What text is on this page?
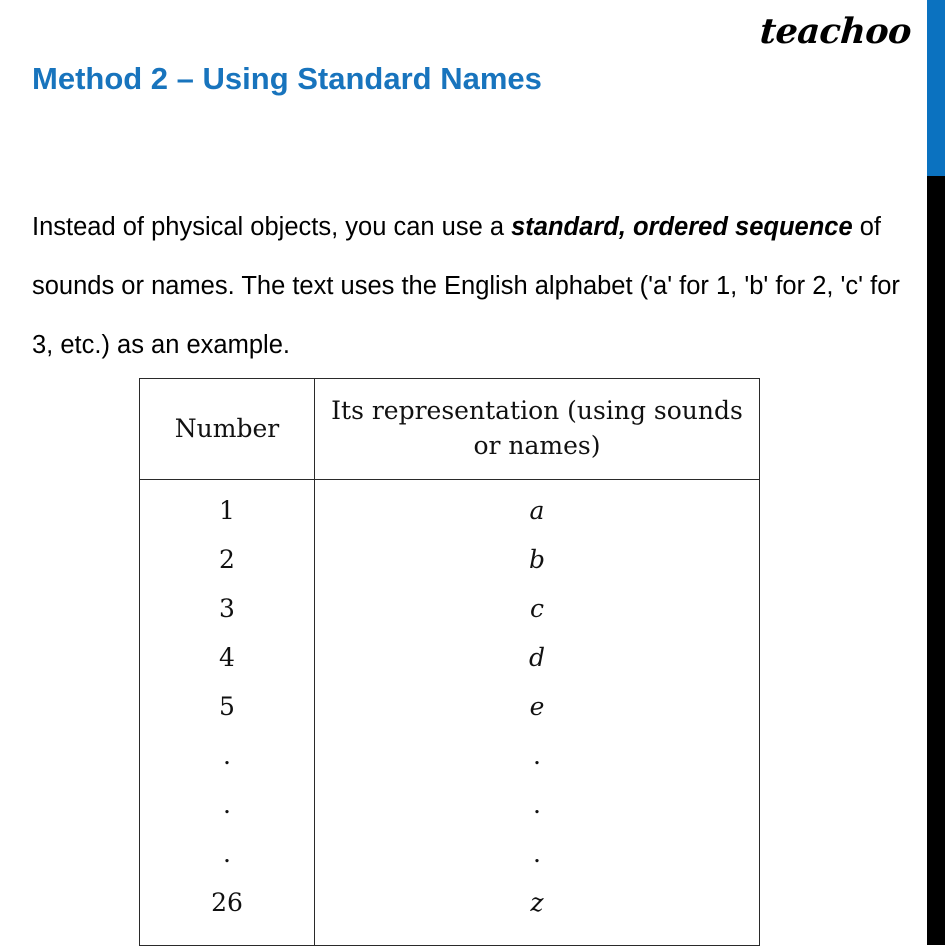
teachoo
Method 2 – Using Standard Names

Instead of physical objects, you can use a standard, ordered sequence of sounds or names. The text uses the English alphabet ('a' for 1, 'b' for 2, 'c' for 3, etc.) as an example.

Number	Its representation (using sounds or names)
1	a
2	b
3	c
4	d
5	e
.	.
.	.
.	.
26	z
